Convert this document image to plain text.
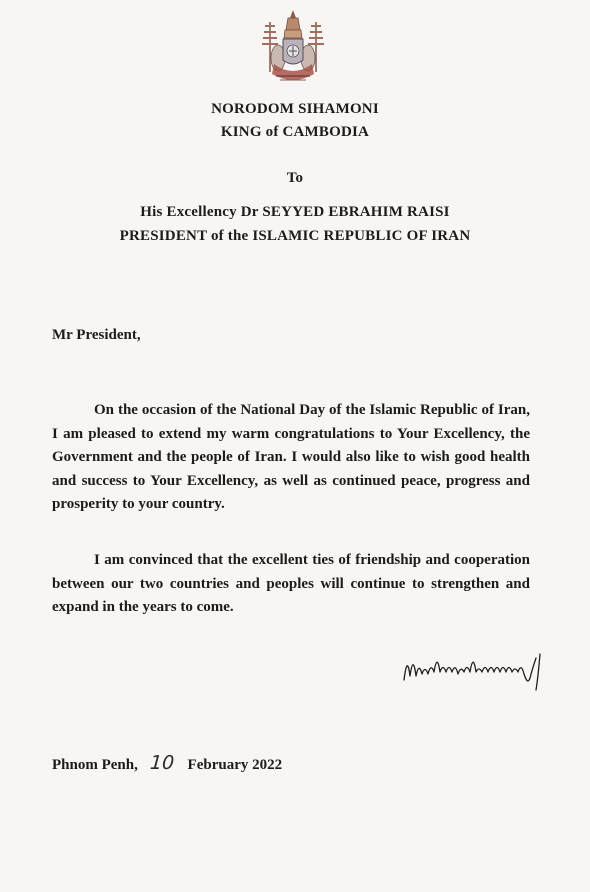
NORODOM SIHAMONI
KING of CAMBODIA
To
His Excellency Dr SEYYED EBRAHIM RAISI
PRESIDENT of the ISLAMIC REPUBLIC OF IRAN
Mr President,

On the occasion of the National Day of the Islamic Republic of Iran, I am pleased to extend my warm congratulations to Your Excellency, the Government and the people of Iran. I would also like to wish good health and success to Your Excellency, as well as continued peace, progress and prosperity to your country.

I am convinced that the excellent ties of friendship and cooperation between our two countries and peoples will continue to strengthen and expand in the years to come.

Phnom Penh, 10 February 2022
